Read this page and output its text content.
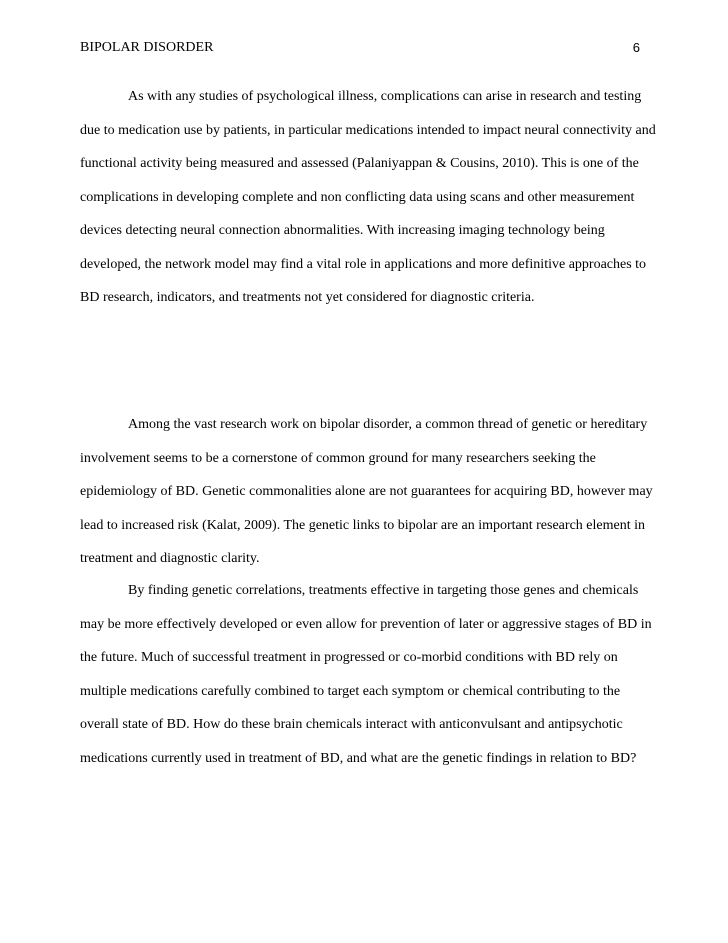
BIPOLAR DISORDER	6

As with any studies of psychological illness, complications can arise in research and testing due to medication use by patients, in particular medications intended to impact neural connectivity and functional activity being measured and assessed (Palaniyappan & Cousins, 2010). This is one of the complications in developing complete and non conflicting data using scans and other measurement devices detecting neural connection abnormalities. With increasing imaging technology being developed, the network model may find a vital role in applications and more definitive approaches to BD research, indicators, and treatments not yet considered for diagnostic criteria.

Among the vast research work on bipolar disorder, a common thread of genetic or hereditary involvement seems to be a cornerstone of common ground for many researchers seeking the epidemiology of BD. Genetic commonalities alone are not guarantees for acquiring BD, however may lead to increased risk (Kalat, 2009). The genetic links to bipolar are an important research element in treatment and diagnostic clarity.

By finding genetic correlations, treatments effective in targeting those genes and chemicals may be more effectively developed or even allow for prevention of later or aggressive stages of BD in the future. Much of successful treatment in progressed or co-morbid conditions with BD rely on multiple medications carefully combined to target each symptom or chemical contributing to the overall state of BD. How do these brain chemicals interact with anticonvulsant and antipsychotic medications currently used in treatment of BD, and what are the genetic findings in relation to BD?
